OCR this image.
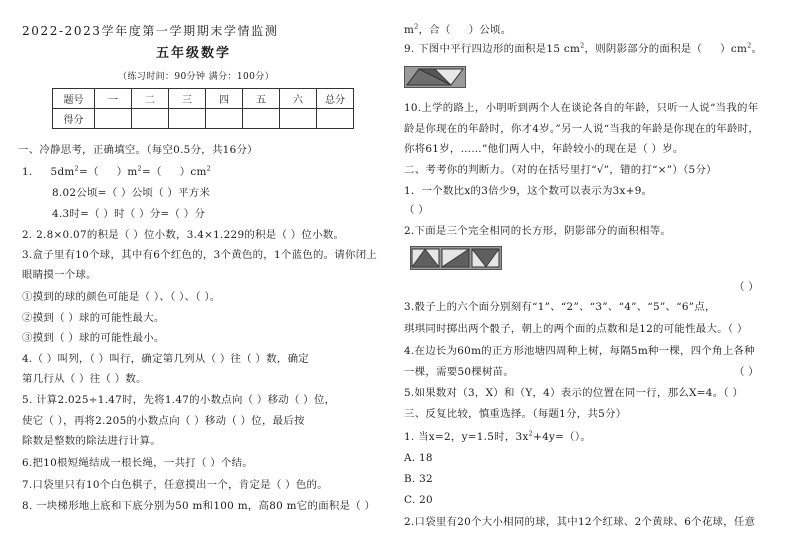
2022-2023学年度第一学期期末学情监测
五年级数学
（练习时间：90分钟 满分：100分）
题号	一	二	三	四	五	六	总分
得分							
一、冷静思考，正确填空。（每空0.5分，共16分）
1.     $5dm^2=$（     ）$m^2=$（     ）$cm^2$
8.02公顷=（ ）公顷（ ）平方米
4.3时=（ ）时（ ）分=（ ）分
2. 2.8×0.07的积是（ ）位小数，3.4×1.229的积是（ ）位小数。
3.盒子里有10个球，其中有6个红色的，3个黄色的，1个蓝色的。请你闭上
眼睛摸一个球。
①摸到的球的颜色可能是（ ）、（ ）、（ ）。
②摸到（ ）球的可能性最大。
③摸到（ ）球的可能性最小。
4.（ ）叫列，（ ）叫行，确定第几列从（ ）往（ ）数，确定
第几行从（ ）往（ ）数。
5. 计算2.025÷1.47时，先将1.47的小数点向（ ）移动（ ）位，
使它（ ），再将2.205的小数点向（ ）移动（ ）位，最后按
除数是整数的除法进行计算。
6.把10根短绳结成一根长绳，一共打（ ）个结。
7.口袋里只有10个白色棋子，任意摸出一个，肯定是（ ）色的。
8. 一块梯形地上底和下底分别为50 m和100 m，高80 m它的面积是（ ）
$m^2$，合（     ）公顷。
9. 下图中平行四边形的面积是15 $cm^2$，则阴影部分的面积是（     ）$cm^2$。
10.上学的路上，小明听到两个人在谈论各自的年龄，只听一人说“当我的年
龄是你现在的年龄时，你才4岁。”另一人说“当我的年龄是你现在的年龄时，
你将61岁，……”他们两人中，年龄较小的现在是（ ）岁。
二、考考你的判断力。（对的在括号里打“√”，错的打“×”）（5分）
1．一个数比x的3倍少9，这个数可以表示为3x+9。
（ ）
2.下面是三个完全相同的长方形，阴影部分的面积相等。
（ ）
3.骰子上的六个面分别刻有“1”、“2”、“3”、“4”、“5”、“6”点，
琪琪同时掷出两个骰子，朝上的两个面的点数和是12的可能性最大。（ ）
4.在边长为60m的正方形池塘四周种上树，每隔5m种一棵，四个角上各种
一棵，需要50棵树苗。	（ ）
5.如果数对（3，X）和（Y，4）表示的位置在同一行，那么X=4。（ ）
三、反复比较，慎重选择。（每题1分，共5分）
1. 当x=2，y=1.5时，$3x^2+4y=()$。
A. 18
B. 32
C. 20
2.口袋里有20个大小相同的球，其中12个红球、2个黄球、6个花球，任意
